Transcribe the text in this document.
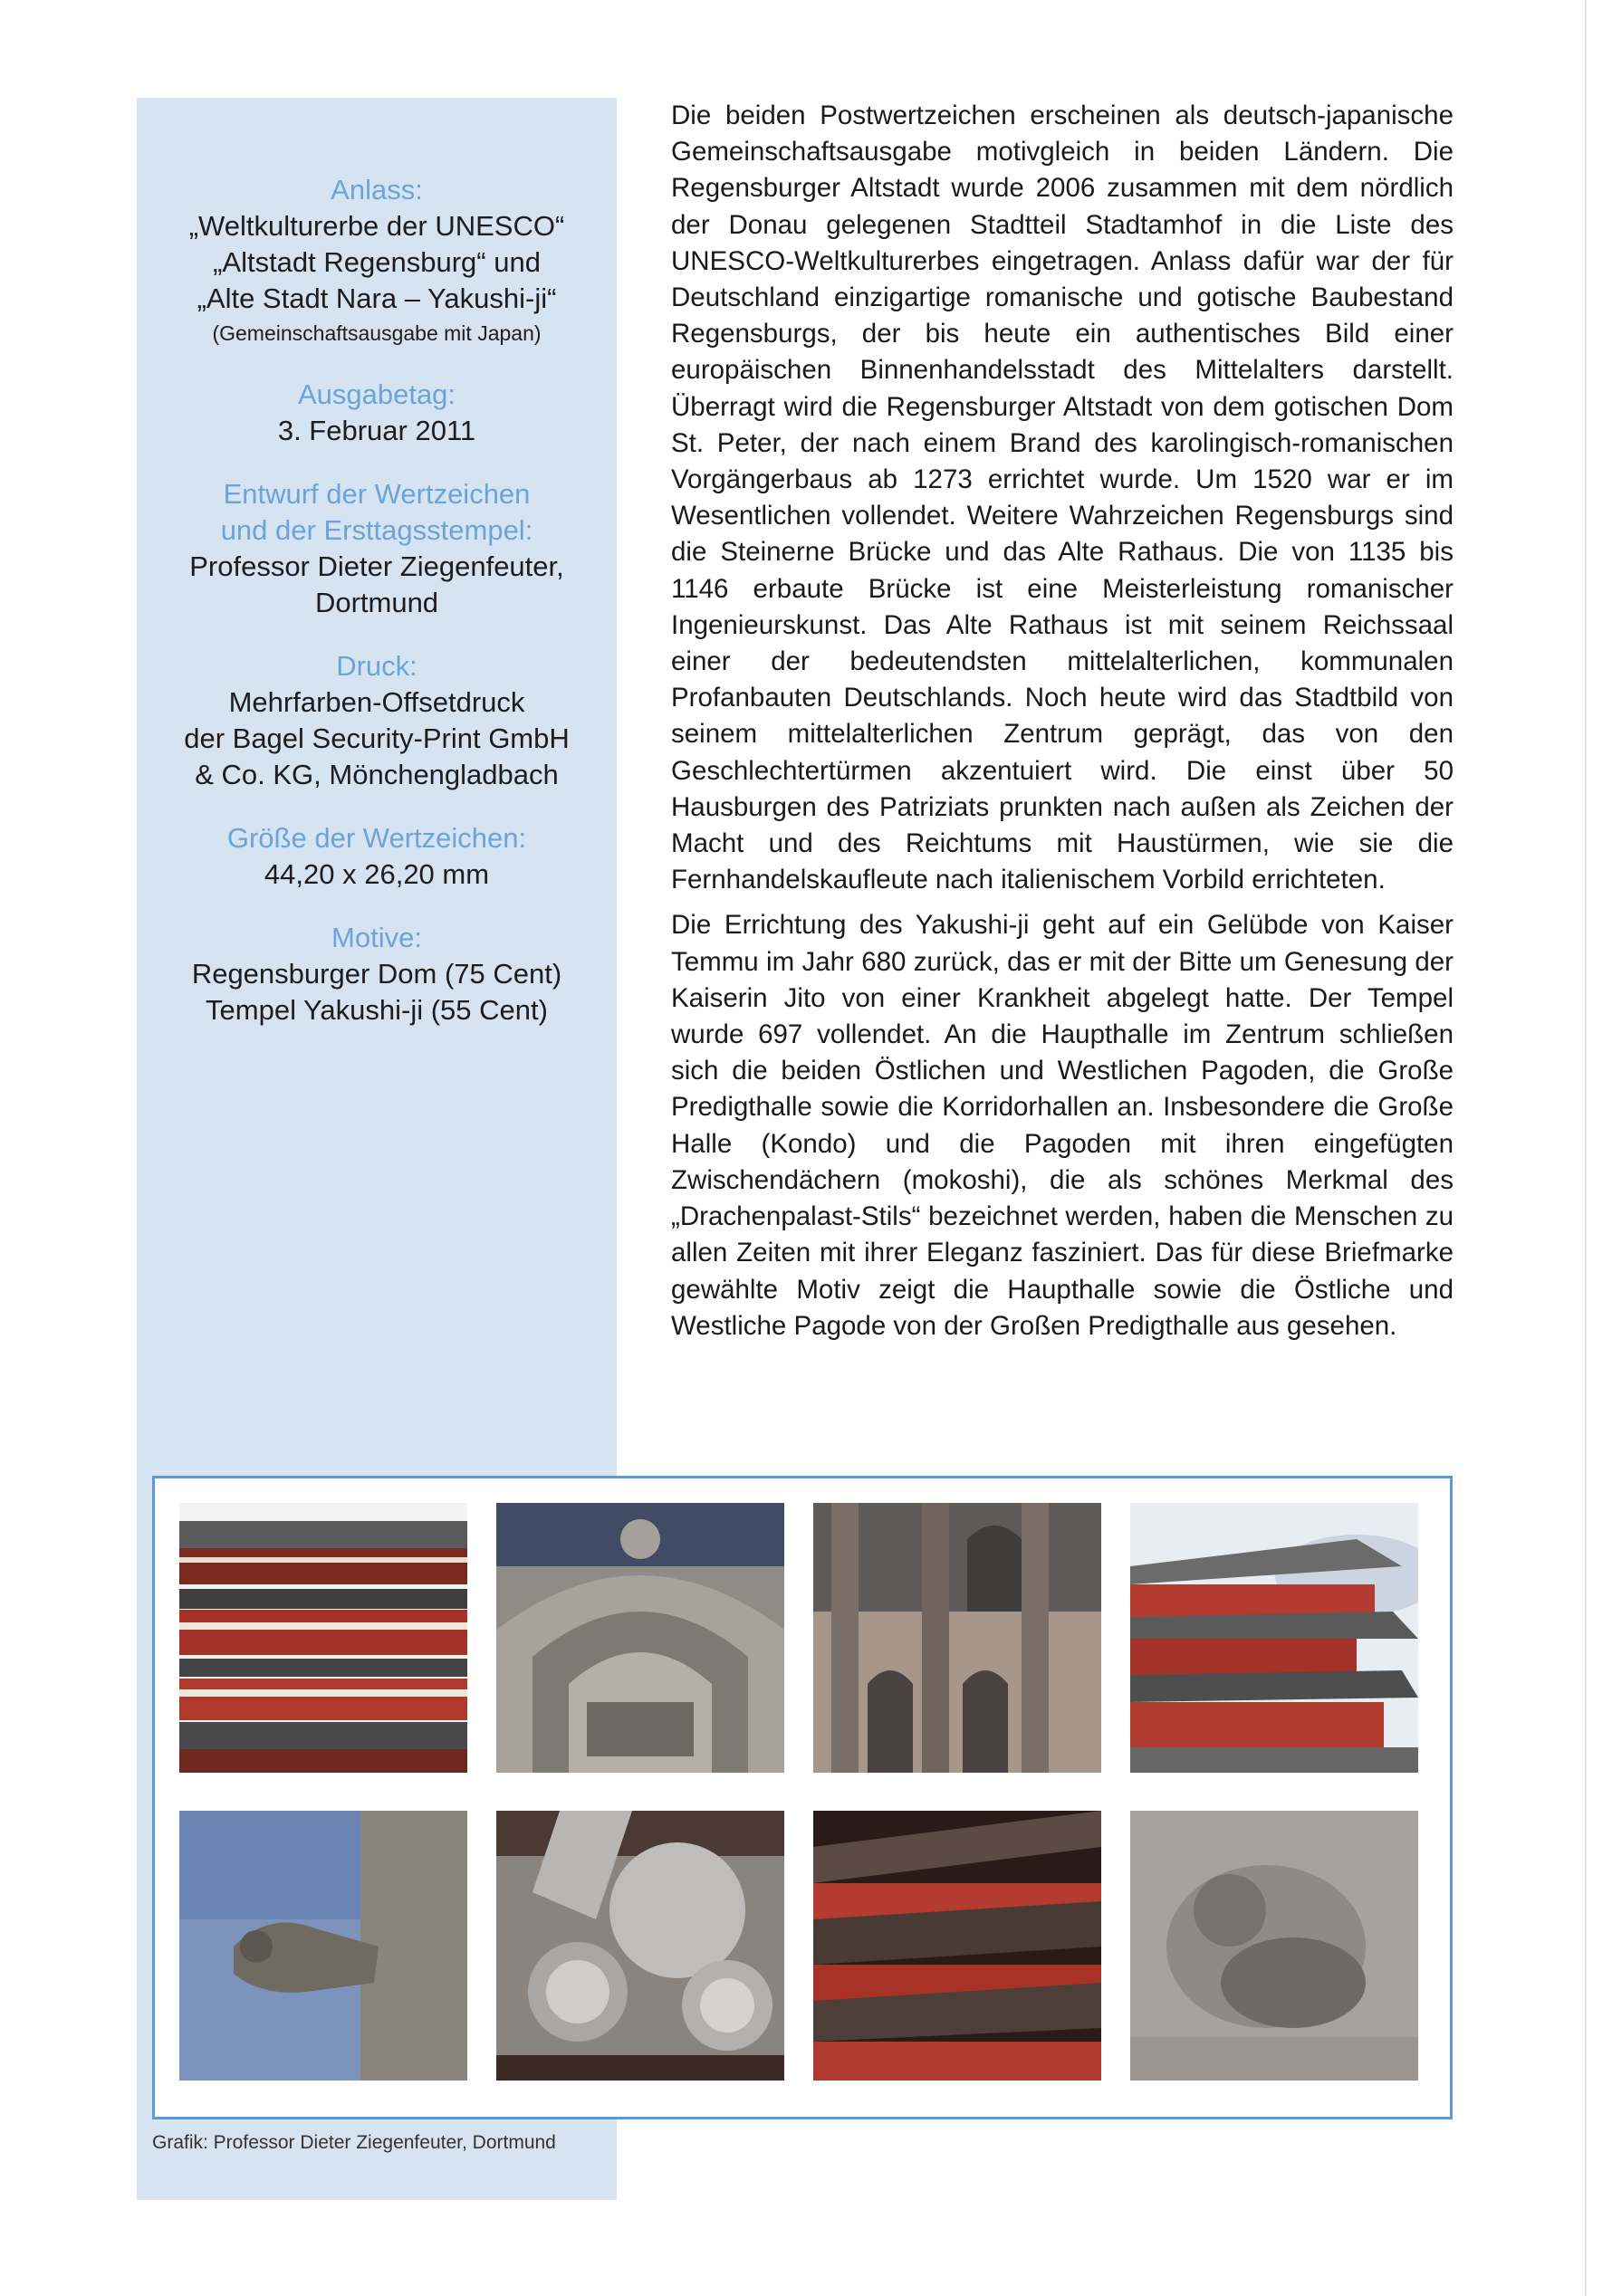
Anlass:
„Weltkulturerbe der UNESCO“
„Altstadt Regensburg“ und
„Alte Stadt Nara – Yakushi-ji“
(Gemeinschaftsausgabe mit Japan)
Ausgabetag:
3. Februar 2011
Entwurf der Wertzeichen
und der Ersttagsstempel:
Professor Dieter Ziegenfeuter,
Dortmund
Druck:
Mehrfarben-Offsetdruck
der Bagel Security-Print GmbH
& Co. KG, Mönchengladbach
Größe der Wertzeichen:
44,20 x 26,20 mm
Motive:
Regensburger Dom (75 Cent)
Tempel Yakushi-ji (55 Cent)

Die beiden Postwertzeichen erscheinen als deutsch-japanische Gemeinschaftsausgabe motivgleich in beiden Ländern. Die Regensburger Altstadt wurde 2006 zusammen mit dem nördlich der Donau gelegenen Stadtteil Stadtamhof in die Liste des UNESCO-Weltkulturerbes eingetragen. Anlass dafür war der für Deutschland einzigartige romanische und gotische Baubestand Regensburgs, der bis heute ein authentisches Bild einer europäischen Binnenhandelsstadt des Mittelalters darstellt. Überragt wird die Regensburger Altstadt von dem gotischen Dom St. Peter, der nach einem Brand des karolingisch-romanischen Vorgängerbaus ab 1273 errichtet wurde. Um 1520 war er im Wesentlichen vollendet. Weitere Wahrzeichen Regensburgs sind die Steinerne Brücke und das Alte Rathaus. Die von 1135 bis 1146 erbaute Brücke ist eine Meisterleistung romanischer Ingenieurskunst. Das Alte Rathaus ist mit seinem Reichssaal einer der bedeutendsten mittelalterlichen, kommunalen Profanbauten Deutschlands. Noch heute wird das Stadtbild von seinem mittelalterlichen Zentrum geprägt, das von den Geschlechtertürmen akzentuiert wird. Die einst über 50 Hausburgen des Patriziats prunkten nach außen als Zeichen der Macht und des Reichtums mit Haustürmen, wie sie die Fernhandelskaufleute nach italienischem Vorbild errichteten.

Die Errichtung des Yakushi-ji geht auf ein Gelübde von Kaiser Temmu im Jahr 680 zurück, das er mit der Bitte um Genesung der Kaiserin Jito von einer Krankheit abgelegt hatte. Der Tempel wurde 697 vollendet. An die Haupthalle im Zentrum schließen sich die beiden Östlichen und Westlichen Pagoden, die Große Predigthalle sowie die Korridorhallen an. Insbesondere die Große Halle (Kondo) und die Pagoden mit ihren eingefügten Zwischendächern (mokoshi), die als schönes Merkmal des „Drachenpalast-Stils“ bezeichnet werden, haben die Menschen zu allen Zeiten mit ihrer Eleganz fasziniert. Das für diese Briefmarke gewählte Motiv zeigt die Haupthalle sowie die Östliche und Westliche Pagode von der Großen Predigthalle aus gesehen.

Grafik: Professor Dieter Ziegenfeuter, Dortmund
